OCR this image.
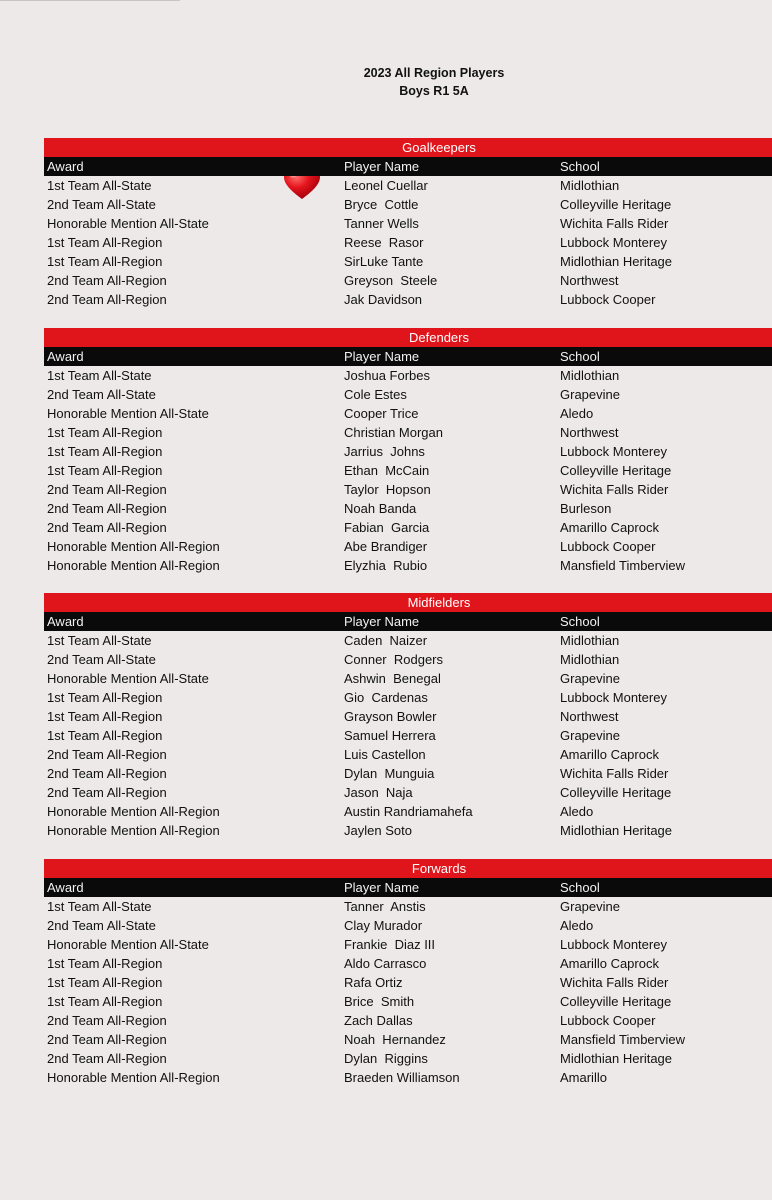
2023 All Region Players
Boys R1 5A
Goalkeepers
Award	Player Name	School
1st Team All-State	Leonel Cuellar	Midlothian
2nd Team All-State	Bryce  Cottle	Colleyville Heritage
Honorable Mention All-State	Tanner Wells	Wichita Falls Rider
1st Team All-Region	Reese  Rasor	Lubbock Monterey
1st Team All-Region	SirLuke Tante	Midlothian Heritage
2nd Team All-Region	Greyson  Steele	Northwest
2nd Team All-Region	Jak Davidson	Lubbock Cooper
Defenders
Award	Player Name	School
1st Team All-State	Joshua Forbes	Midlothian
2nd Team All-State	Cole Estes	Grapevine
Honorable Mention All-State	Cooper Trice	Aledo
1st Team All-Region	Christian Morgan	Northwest
1st Team All-Region	Jarrius  Johns	Lubbock Monterey
1st Team All-Region	Ethan  McCain	Colleyville Heritage
2nd Team All-Region	Taylor  Hopson	Wichita Falls Rider
2nd Team All-Region	Noah Banda	Burleson
2nd Team All-Region	Fabian  Garcia	Amarillo Caprock
Honorable Mention All-Region	Abe Brandiger	Lubbock Cooper
Honorable Mention All-Region	Elyzhia  Rubio	Mansfield Timberview
Midfielders
Award	Player Name	School
1st Team All-State	Caden  Naizer	Midlothian
2nd Team All-State	Conner  Rodgers	Midlothian
Honorable Mention All-State	Ashwin  Benegal	Grapevine
1st Team All-Region	Gio  Cardenas	Lubbock Monterey
1st Team All-Region	Grayson Bowler	Northwest
1st Team All-Region	Samuel Herrera	Grapevine
2nd Team All-Region	Luis Castellon	Amarillo Caprock
2nd Team All-Region	Dylan  Munguia	Wichita Falls Rider
2nd Team All-Region	Jason  Naja	Colleyville Heritage
Honorable Mention All-Region	Austin Randriamahefa	Aledo
Honorable Mention All-Region	Jaylen Soto	Midlothian Heritage
Forwards
Award	Player Name	School
1st Team All-State	Tanner  Anstis	Grapevine
2nd Team All-State	Clay Murador	Aledo
Honorable Mention All-State	Frankie  Diaz III	Lubbock Monterey
1st Team All-Region	Aldo Carrasco	Amarillo Caprock
1st Team All-Region	Rafa Ortiz	Wichita Falls Rider
1st Team All-Region	Brice  Smith	Colleyville Heritage
2nd Team All-Region	Zach Dallas	Lubbock Cooper
2nd Team All-Region	Noah  Hernandez	Mansfield Timberview
2nd Team All-Region	Dylan  Riggins	Midlothian Heritage
Honorable Mention All-Region	Braeden Williamson	Amarillo
